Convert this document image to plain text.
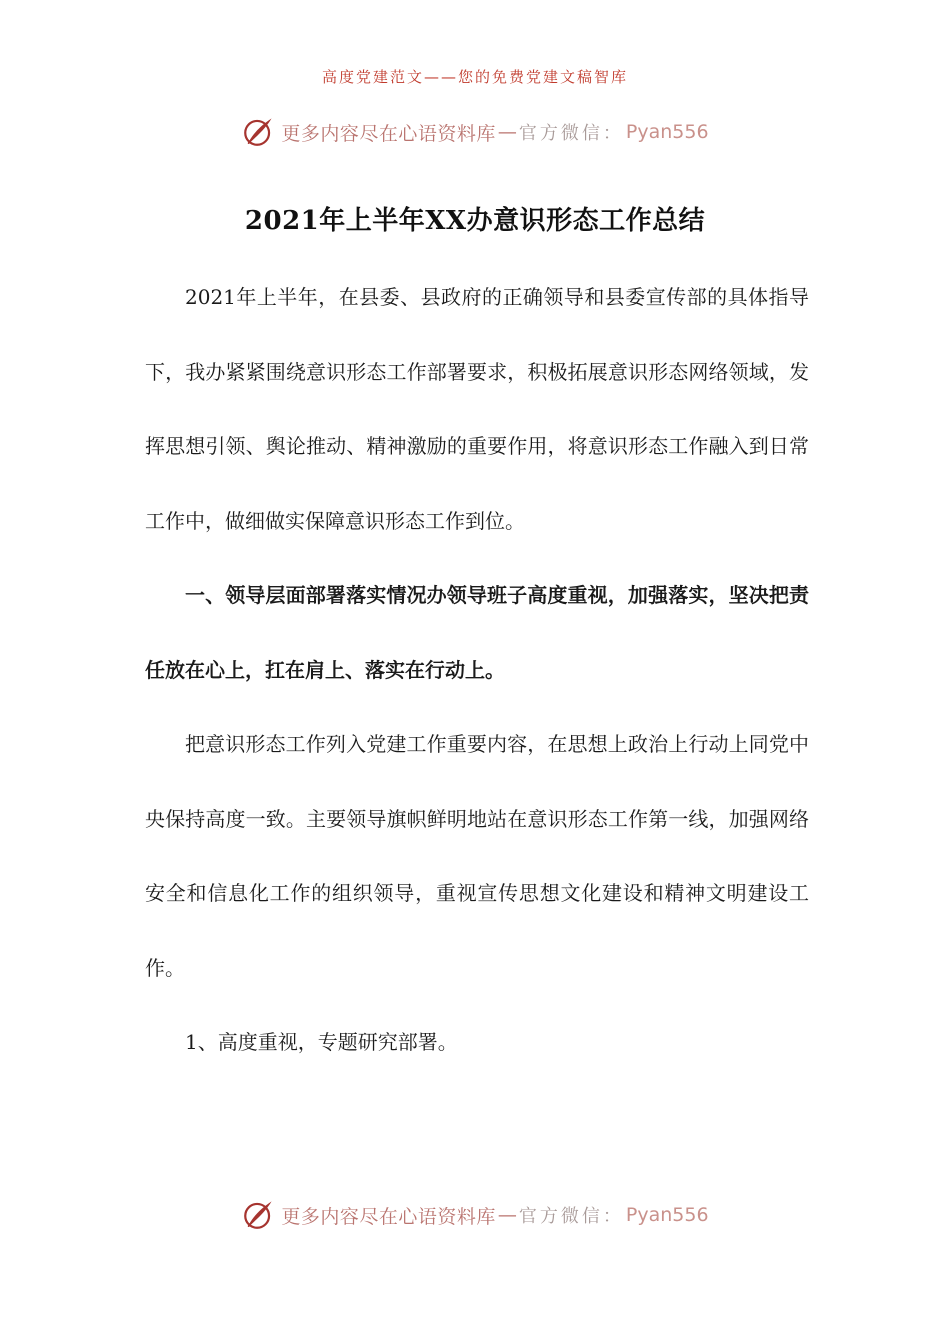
高度党建范文——您的免费党建文稿智库
更多内容尽在心语资料库 — 官方微信： Pyan556
2021年上半年XX办意识形态工作总结

2021年上半年，在县委、县政府的正确领导和县委宣传部的具体指导下，我办紧紧围绕意识形态工作部署要求，积极拓展意识形态网络领域，发挥思想引领、舆论推动、精神激励的重要作用，将意识形态工作融入到日常工作中，做细做实保障意识形态工作到位。

一、领导层面部署落实情况办领导班子高度重视，加强落实，坚决把责任放在心上，扛在肩上、落实在行动上。

把意识形态工作列入党建工作重要内容，在思想上政治上行动上同党中央保持高度一致。主要领导旗帜鲜明地站在意识形态工作第一线，加强网络安全和信息化工作的组织领导，重视宣传思想文化建设和精神文明建设工作。

1、高度重视，专题研究部署。

更多内容尽在心语资料库 — 官方微信： Pyan556
